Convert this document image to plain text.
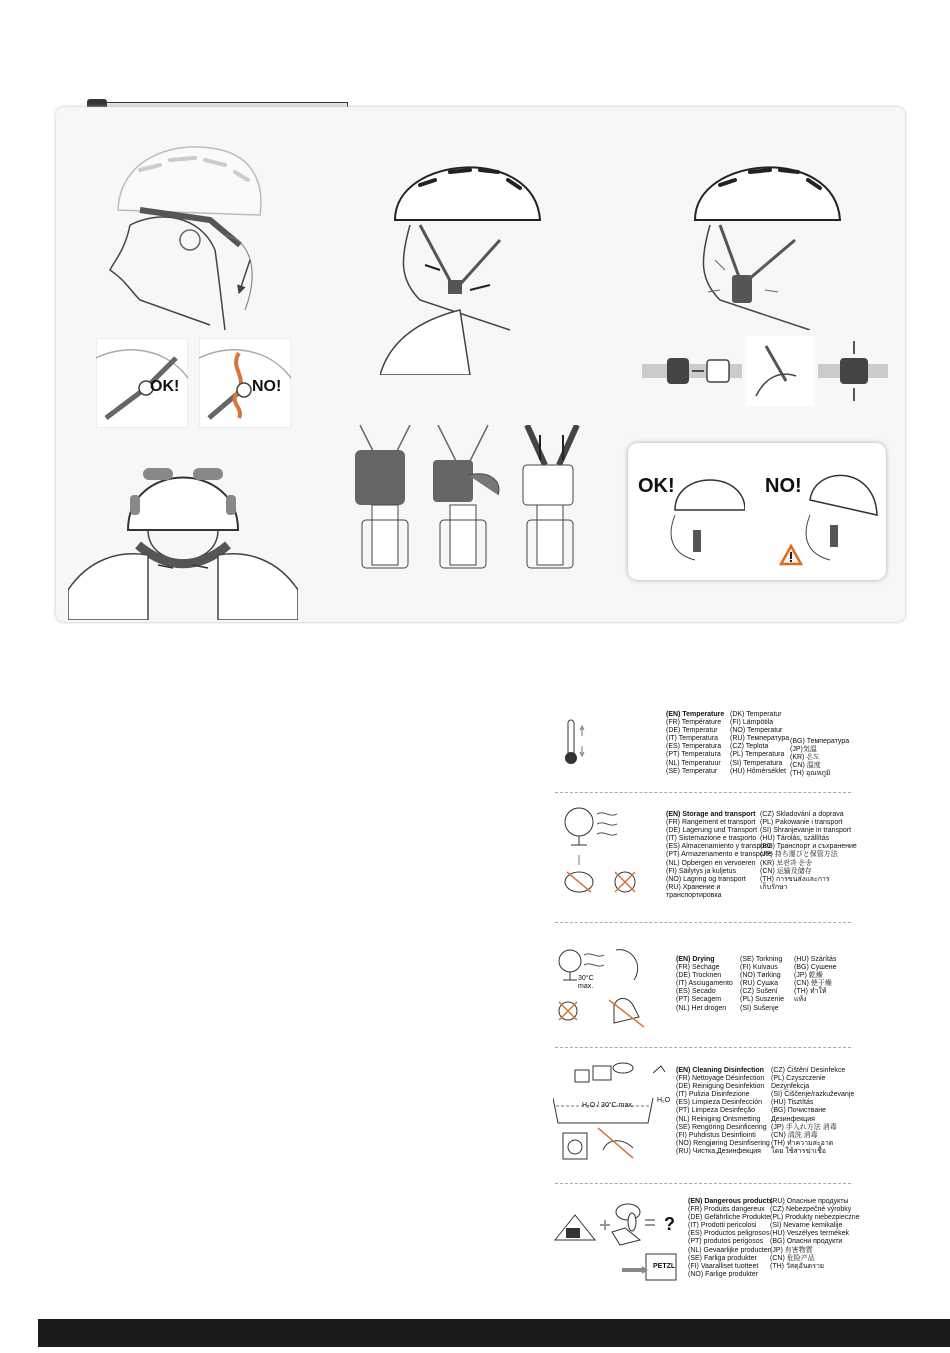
OK!	NO!
OK!	NO!
(EN) Temperature
(FR) Température
(DE) Temperatur
(IT) Temperatura
(ES) Temperatura
(PT) Temperatura
(NL) Temperatuur
(SE) Temperatur
(DK) Temperatur
(FI) Lämpötila
(NO) Temperatur
(RU) Температура
(CZ) Teplota
(PL) Temperatura
(SI) Temperatura
(HU) Hőmérséklet
(BG) Температура
(JP)気温
(KR) 온도
(CN) 温度
(TH) อุณหภูมิ
(EN) Storage and transport
(FR) Rangement et transport
(DE) Lagerung und Transport
(IT) Sistemazione e trasporto
(ES) Almacenamiento y transporte
(PT) Armazenamento e transporte
(NL) Opbergen en vervoeren
(FI) Säilytys ja kuljetus
(NO) Lagring og transport
(RU) Хранение и
транспортировка
(CZ) Skladování a doprava
(PL) Pakowanie i transport
(SI) Shranjevanje in transport
(HU) Tárolás, szállítás
(BG) Транспорт и съхранение
(JP) 持ち運びと保管方法
(KR) 보관과 운송
(CN) 运输及储存
(TH) การขนส่งและการ
เก็บรักษา
30°C
max.
(EN) Drying
(FR) Séchage
(DE) Trocknen
(IT) Asciugamento
(ES) Secado
(PT) Secagem
(NL) Het drogen
(SE) Torkning
(FI) Kuivaus
(NO) Tørking
(RU) Сушка
(CZ) Sušení
(PL) Suszenie
(SI) Sušenje
(HU) Szárítás
(BG) Сушене
(JP) 乾燥
(CN) 使干燥
(TH) ทำให้
แห้ง
H₂O / 30°C max.
H₂O
(EN) Cleaning Disinfection
(FR) Nettoyage Désinfection
(DE) Reinigung Desinfektion
(IT) Pulizia Disinfezione
(ES) Limpieza Desinfección
(PT) Limpeza Desinfeção
(NL) Reiniging Ontsmetting
(SE) Rengöring Desinficering
(FI) Puhdistus Desinfiointi
(NO) Rengjøring Desinfisering
(RU) Чистка,Дезинфекция
(CZ) Čištění Desinfekce
(PL) Czyszczenie
Dezynfekcja
(SI) Čiščenje/razkuževanje
(HU) Tisztítás
(BG) Почистване
Дезинфекция
(JP) 手入れ方法 消毒
(CN) 清洗 消毒
(TH) ทำความสะอาด
โดย ใช้สารฆ่าเชื้อ
?
PETZL
(EN) Dangerous products
(FR) Produits dangereux
(DE) Gefährliche Produkte
(IT) Prodotti pericolosi
(ES) Productos peligrosos
(PT) produtos perigosos
(NL) Gevaarlijke producten
(SE) Farliga produkter
(FI) Vaaralliset tuotteet
(NO) Farlige produkter
(RU) Опасные продукты
(CZ) Nebezpečné výrobky
(PL) Produkty niebezpieczne
(SI) Nevarne kemikalije
(HU) Veszélyes termékek
(BG) Опасни продукти
(JP) 有害物質
(CN) 危险产品
(TH) วัสดุอันตราย
